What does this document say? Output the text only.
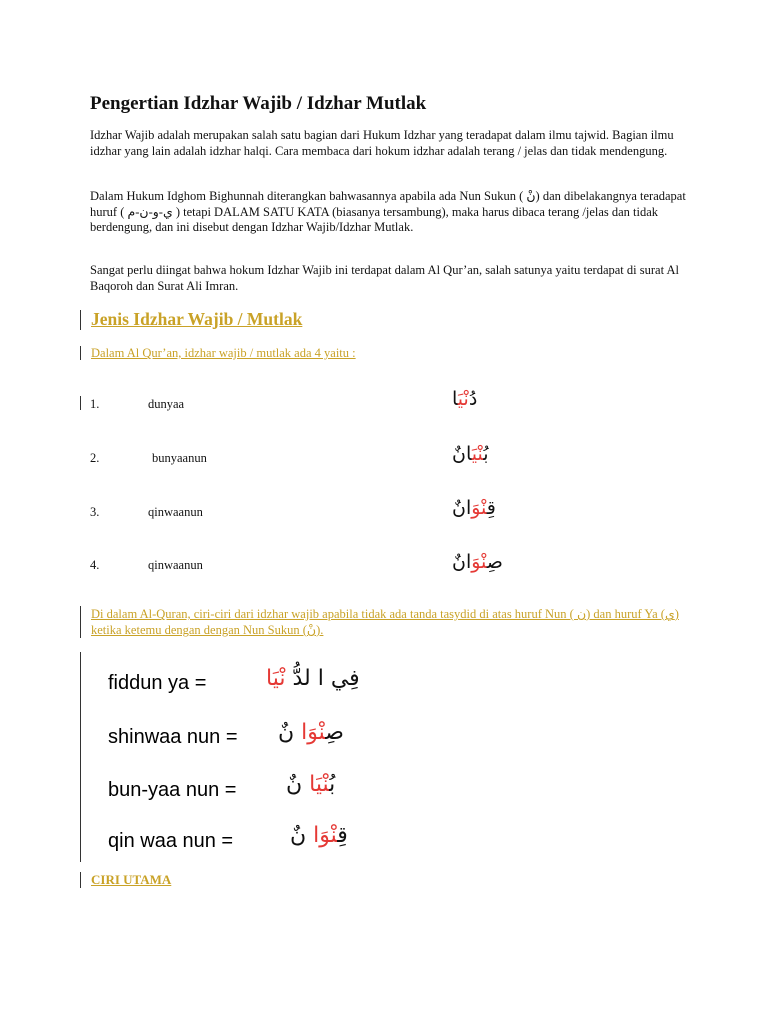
Pengertian Idzhar Wajib / Idzhar Mutlak
Idzhar Wajib adalah merupakan salah satu bagian dari Hukum Idzhar yang teradapat dalam ilmu tajwid. Bagian ilmu idzhar yang lain adalah idzhar halqi. Cara membaca dari hokum idzhar adalah terang / jelas dan tidak mendengung.
Dalam Hukum Idghom Bighunnah diterangkan bahwasannya apabila ada Nun Sukun ( نْ) dan dibelakangnya teradapat huruf ( ي-و-ن-م ) tetapi DALAM SATU KATA (biasanya tersambung), maka harus dibaca terang /jelas dan tidak berdengung, dan ini disebut dengan Idzhar Wajib/Idzhar Mutlak.
Sangat perlu diingat bahwa hokum Idzhar Wajib ini terdapat dalam Al Qur’an, salah satunya yaitu terdapat di surat Al Baqoroh dan Surat Ali Imran.
Jenis Idzhar Wajib / Mutlak
Dalam Al Qur’an, idzhar wajib / mutlak ada 4 yaitu :
1.	dunyaa	دُنْيَا
2.	bunyaanun	بُنْيَانٌ
3.	qinwaanun	قِنْوَانٌ
4.	qinwaanun	صِنْوَانٌ
Di dalam Al-Quran, ciri-ciri dari idzhar wajib apabila tidak ada tanda tasydid di atas huruf Nun ( ن) dan huruf Ya (ي) ketika ketemu dengan dengan Nun Sukun (نْ).
fiddun ya =	فِي ا لدُّ نْيَا
shinwaa nun =	صِنْوَا نٌ
bun-yaa nun =	بُنْيَا نٌ
qin waa nun =	قِنْوَا نٌ
CIRI UTAMA
